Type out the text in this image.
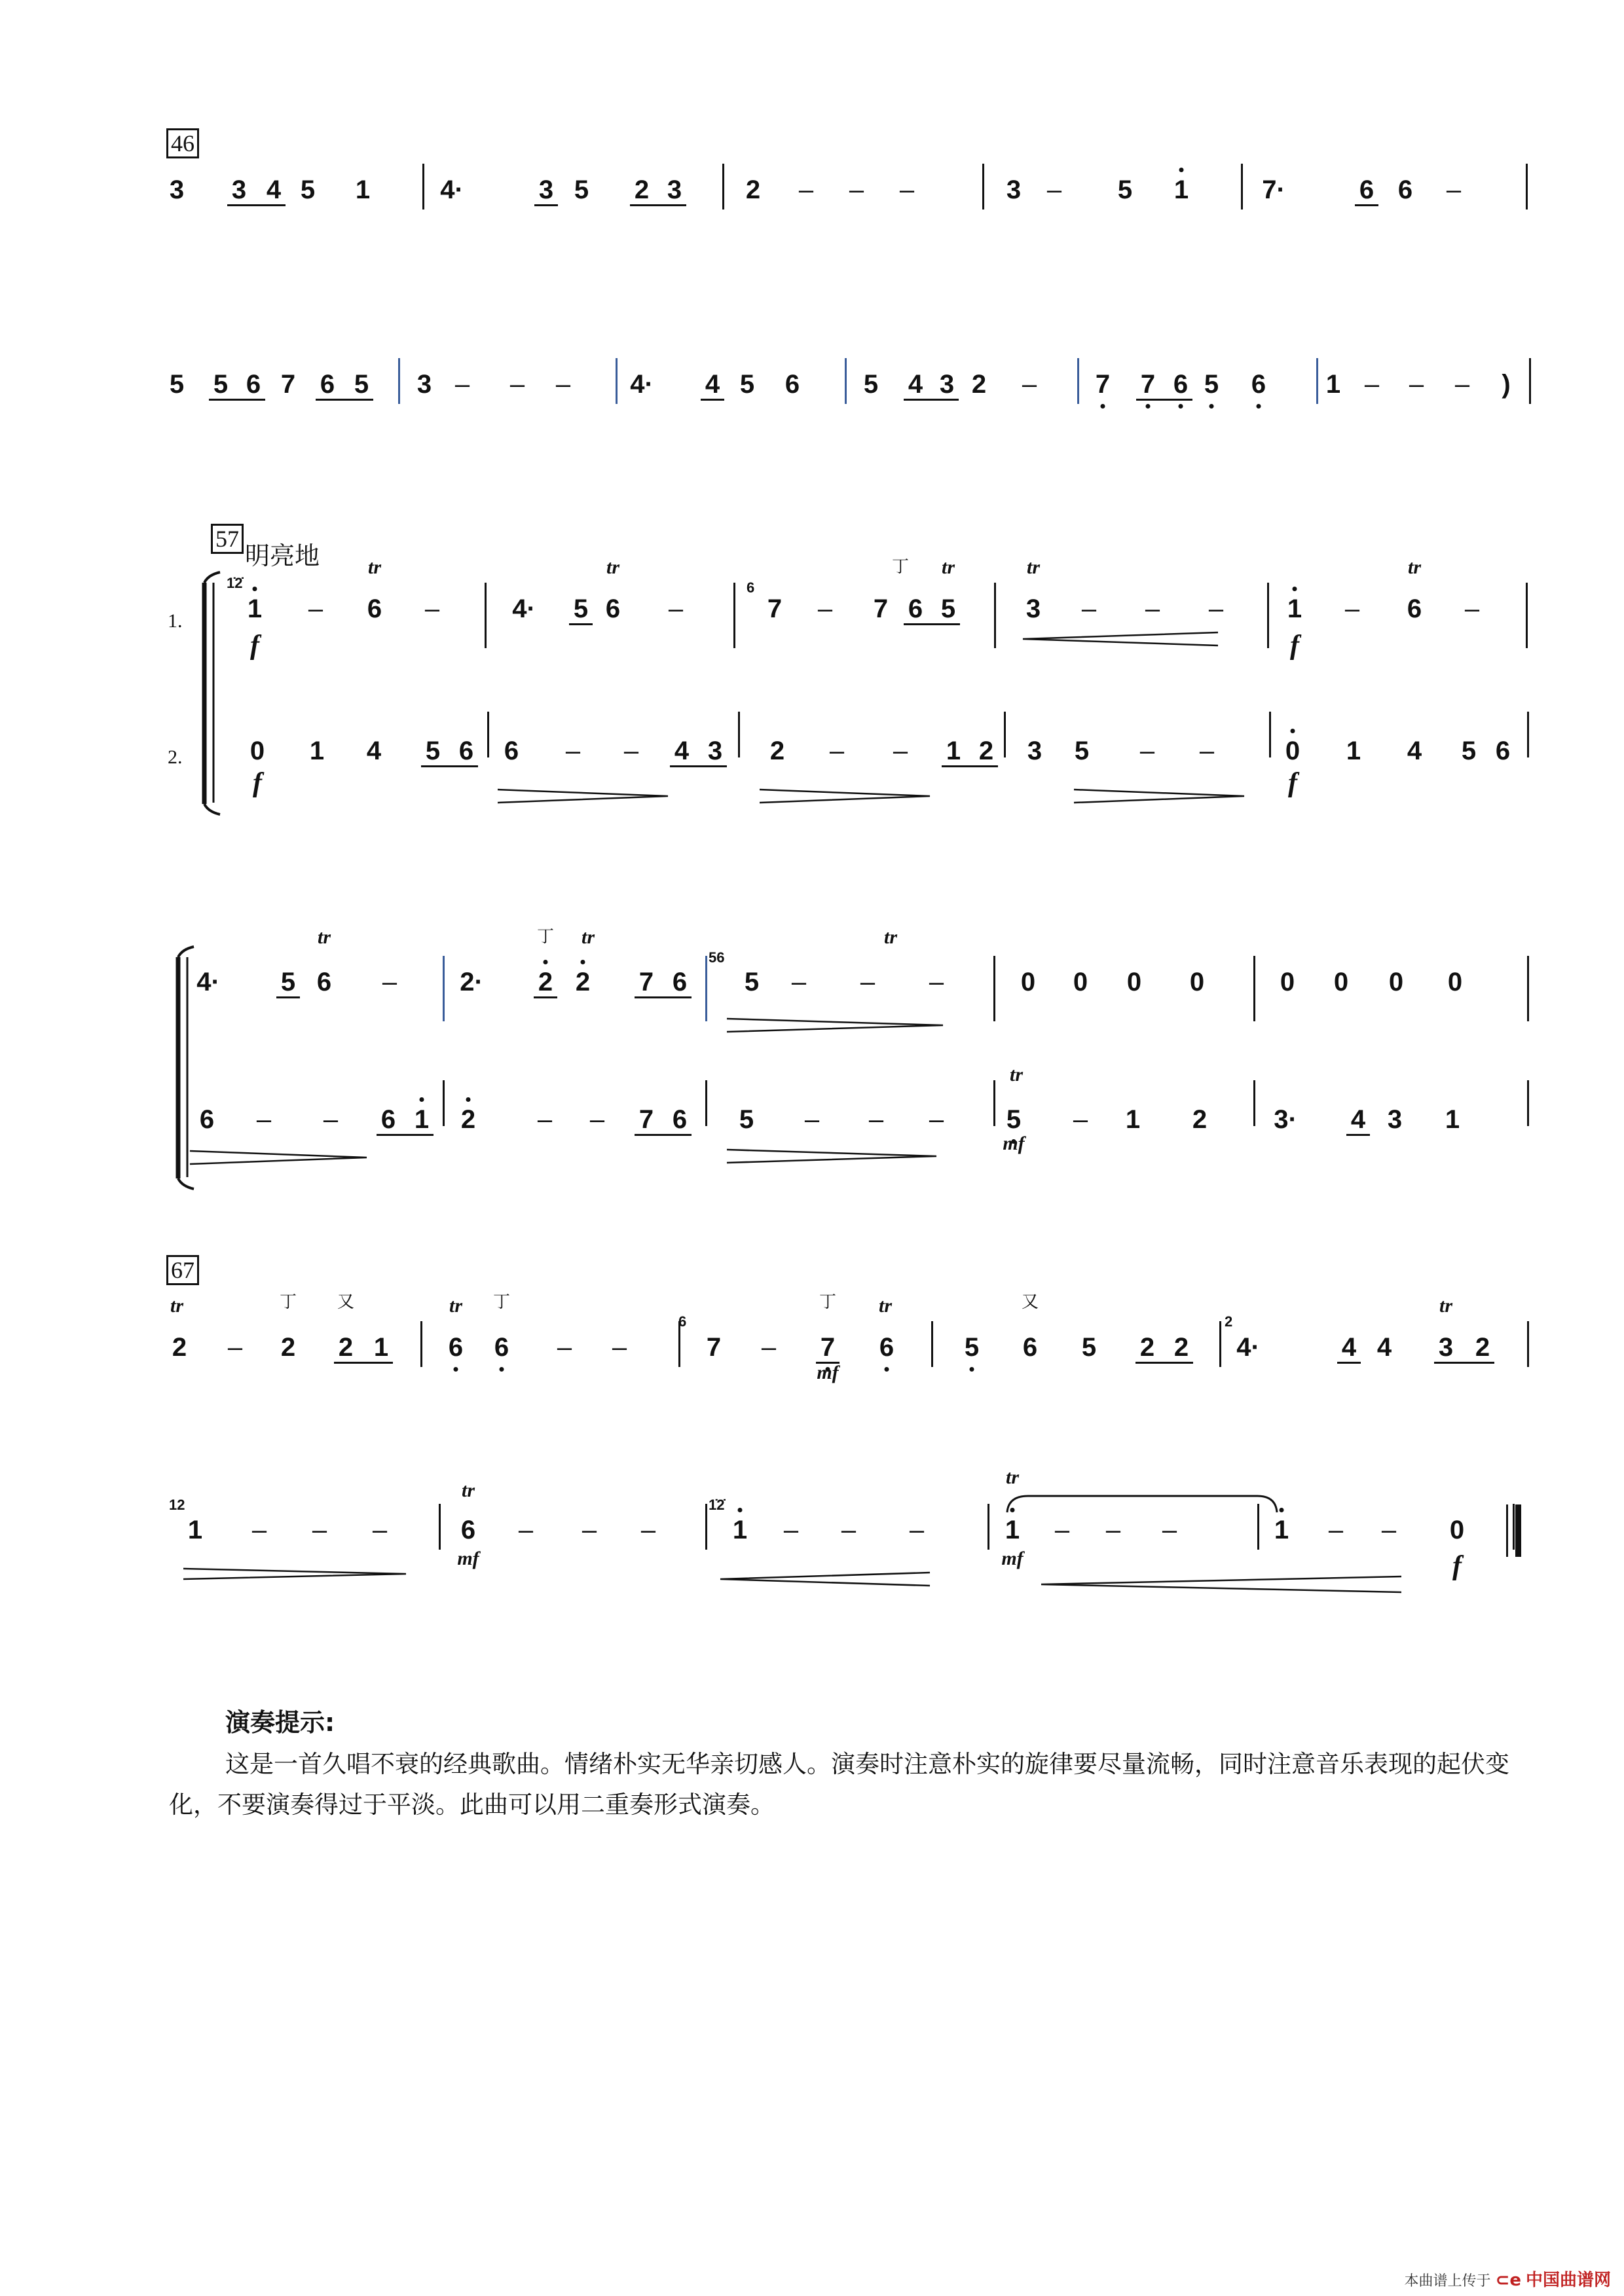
46
57
明亮地
1.
2.
67
演奏提示:
这是一首久唱不衰的经典歌曲。情绪朴实无华亲切感人。演奏时注意朴实的旋律要尽量流畅，同时注意音乐表现的起伏变化，不要演奏得过于平淡。此曲可以用二重奏形式演奏。
本曲谱上传于 ⊂e 中国曲谱网
3 3 4 5 1	4·	3 5 2 3 2 – – –	3 – 5 1	7·	6 6 –
5 5 6 7 6 5 3 – – – 4· 4 5 6 5 4 3 2 – 7 7 6 5 6 1 – – – )
1 – 6 –	4· 5 6 –	7 – 7 6 5	3 – – – 1 – 6 –
0 1 4 5 6 6 – – 4 3 2 – – 1 2 3 5 – –	0 1 4 5 6
4· 5 6 – 2· 2 2 7 6 5 – – –	0 0 0 0	0 0 0 0
6 – – 6 1 2 – – 7 6 5 – – – 5 – 1 2	3· 4 3 1
2 – 2 2 1 6 6 – –	7 – 7 6	5 6 5 2 2 4·	4 4 3 2
1 – – –	6 – – –	1 – – –	1 – – –	1 – – 0
tr	tr	tr	tr	tr
tr
tr	tr
tr
tr	tr	tr	tr
tr
tr
f	f
f	f
mf
mf
mf	mf	f
丁
丁
丁 又	丁	丁	又
1̇2̇	6
56
6	2
12	1̇2̇
